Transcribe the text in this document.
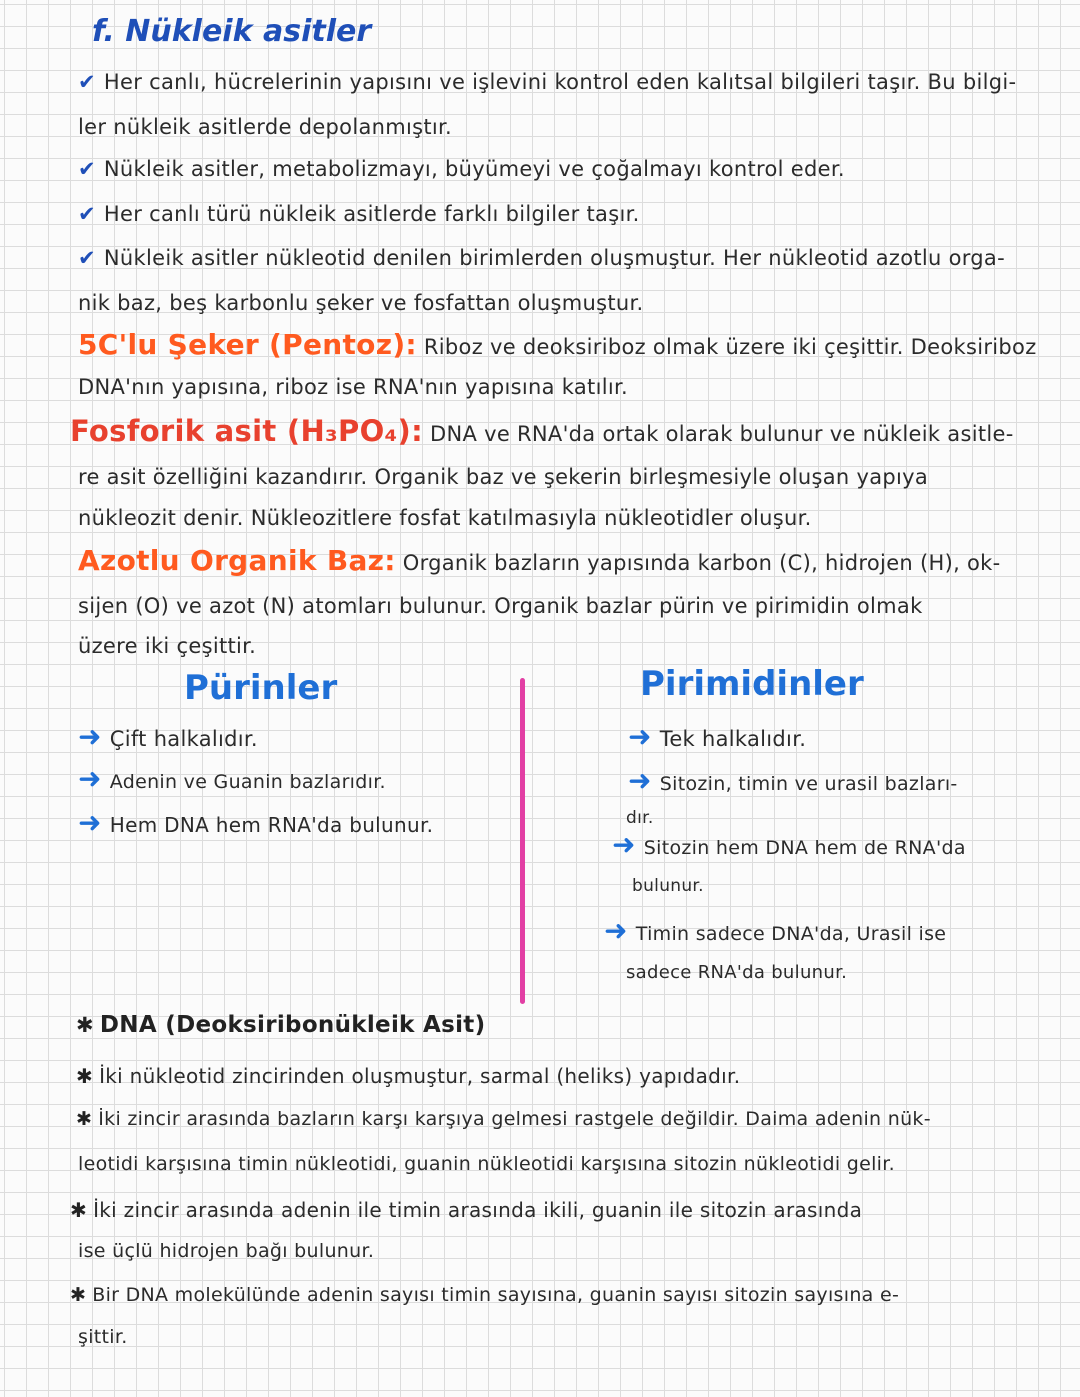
f. Nükleik asitler
✔ Her canlı, hücrelerinin yapısını ve işlevini kontrol eden kalıtsal bilgileri taşır. Bu bilgi-
ler nükleik asitlerde depolanmıştır.
✔ Nükleik asitler, metabolizmayı, büyümeyi ve çoğalmayı kontrol eder.
✔ Her canlı türü nükleik asitlerde farklı bilgiler taşır.
✔ Nükleik asitler nükleotid denilen birimlerden oluşmuştur. Her nükleotid azotlu orga-
nik baz, beş karbonlu şeker ve fosfattan oluşmuştur.
5C'lu Şeker (Pentoz): Riboz ve deoksiriboz olmak üzere iki çeşittir. Deoksiriboz
DNA'nın yapısına, riboz ise RNA'nın yapısına katılır.
Fosforik asit (H₃PO₄): DNA ve RNA'da ortak olarak bulunur ve nükleik asitle-
re asit özelliğini kazandırır. Organik baz ve şekerin birleşmesiyle oluşan yapıya
nükleozit denir. Nükleozitlere fosfat katılmasıyla nükleotidler oluşur.
Azotlu Organik Baz: Organik bazların yapısında karbon (C), hidrojen (H), ok-
sijen (O) ve azot (N) atomları bulunur. Organik bazlar pürin ve pirimidin olmak
üzere iki çeşittir.
Pürinler
➜ Çift halkalıdır.
➜ Adenin ve Guanin bazlarıdır.
➜ Hem DNA hem RNA'da bulunur.
Pirimidinler
➜ Tek halkalıdır.
➜ Sitozin, timin ve urasil bazları-
dır.
➜ Sitozin hem DNA hem de RNA'da
bulunur.
➜ Timin sadece DNA'da, Urasil ise
sadece RNA'da bulunur.
✱ DNA (Deoksiribonükleik Asit)
✱ İki nükleotid zincirinden oluşmuştur, sarmal (heliks) yapıdadır.
✱ İki zincir arasında bazların karşı karşıya gelmesi rastgele değildir. Daima adenin nük-
leotidi karşısına timin nükleotidi, guanin nükleotidi karşısına sitozin nükleotidi gelir.
✱ İki zincir arasında adenin ile timin arasında ikili, guanin ile sitozin arasında
ise üçlü hidrojen bağı bulunur.
✱ Bir DNA molekülünde adenin sayısı timin sayısına, guanin sayısı sitozin sayısına e-
şittir.
